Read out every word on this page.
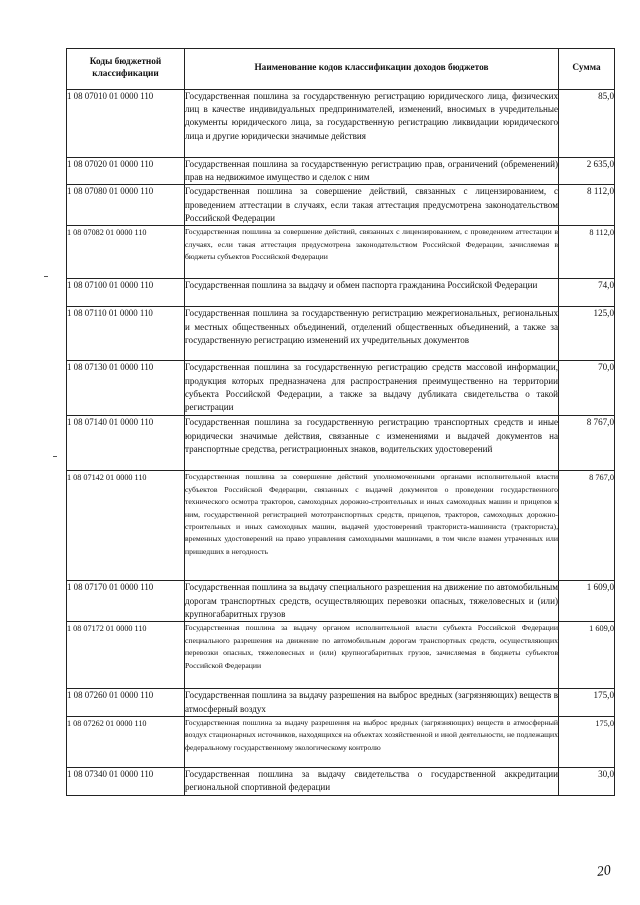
Коды бюджетной классификации	Наименование кодов классификации доходов бюджетов	Сумма
1 08 07010 01 0000 110	Государственная пошлина за государственную регистрацию юридического лица, физических лиц в качестве индивидуальных предпринимателей, изменений, вносимых в учредительные документы юридического лица, за государственную регистрацию ликвидации юридического лица и другие юридически значимые действия	85,0
1 08 07020 01 0000 110	Государственная пошлина за государственную регистрацию прав, ограничений (обременений) прав на недвижимое имущество и сделок с ним	2 635,0
1 08 07080 01 0000 110	Государственная пошлина за совершение действий, связанных с лицензированием, с проведением аттестации в случаях, если такая аттестация предусмотрена законодательством Российской Федерации	8 112,0
1 08 07082 01 0000 110	Государственная пошлина за совершение действий, связанных с лицензированием, с проведением аттестации в случаях, если такая аттестация предусмотрена законодательством Российской Федерации, зачисляемая в бюджеты субъектов Российской Федерации	8 112,0
1 08 07100 01 0000 110	Государственная пошлина за выдачу и обмен паспорта гражданина Российской Федерации	74,0
1 08 07110 01 0000 110	Государственная пошлина за государственную регистрацию межрегиональных, региональных и местных общественных объединений, отделений общественных объединений, а также за государственную регистрацию изменений их учредительных документов	125,0
1 08 07130 01 0000 110	Государственная пошлина за государственную регистрацию средств массовой информации, продукция которых предназначена для распространения преимущественно на территории субъекта Российской Федерации, а также за выдачу дубликата свидетельства о такой регистрации	70,0
1 08 07140 01 0000 110	Государственная пошлина за государственную регистрацию транспортных средств и иные юридически значимые действия, связанные с изменениями и выдачей документов на транспортные средства, регистрационных знаков, водительских удостоверений	8 767,0
1 08 07142 01 0000 110	Государственная пошлина за совершение действий уполномоченными органами исполнительной власти субъектов Российской Федерации, связанных с выдачей документов о проведении государственного технического осмотра тракторов, самоходных дорожно-строительных и иных самоходных машин и прицепов к ним, государственной регистрацией мототранспортных средств, прицепов, тракторов, самоходных дорожно-строительных и иных самоходных машин, выдачей удостоверений тракториста-машиниста (тракториста), временных удостоверений на право управления самоходными машинами, в том числе взамен утраченных или пришедших в негодность	8 767,0
1 08 07170 01 0000 110	Государственная пошлина за выдачу специального разрешения на движение по автомобильным дорогам транспортных средств, осуществляющих перевозки опасных, тяжеловесных и (или) крупногабаритных грузов	1 609,0
1 08 07172 01 0000 110	Государственная пошлина за выдачу органом исполнительной власти субъекта Российской Федерации специального разрешения на движение по автомобильным дорогам транспортных средств, осуществляющих перевозки опасных, тяжеловесных и (или) крупногабаритных грузов, зачисляемая в бюджеты субъектов Российской Федерации	1 609,0
1 08 07260 01 0000 110	Государственная пошлина за выдачу разрешения на выброс вредных (загрязняющих) веществ в атмосферный воздух	175,0
1 08 07262 01 0000 110	Государственная пошлина за выдачу разрешения на выброс вредных (загрязняющих) веществ в атмосферный воздух стационарных источников, находящихся на объектах хозяйственной и иной деятельности, не подлежащих федеральному государственному экологическому контролю	175,0
1 08 07340 01 0000 110	Государственная пошлина за выдачу свидетельства о государственной аккредитации региональной спортивной федерации	30,0
20
